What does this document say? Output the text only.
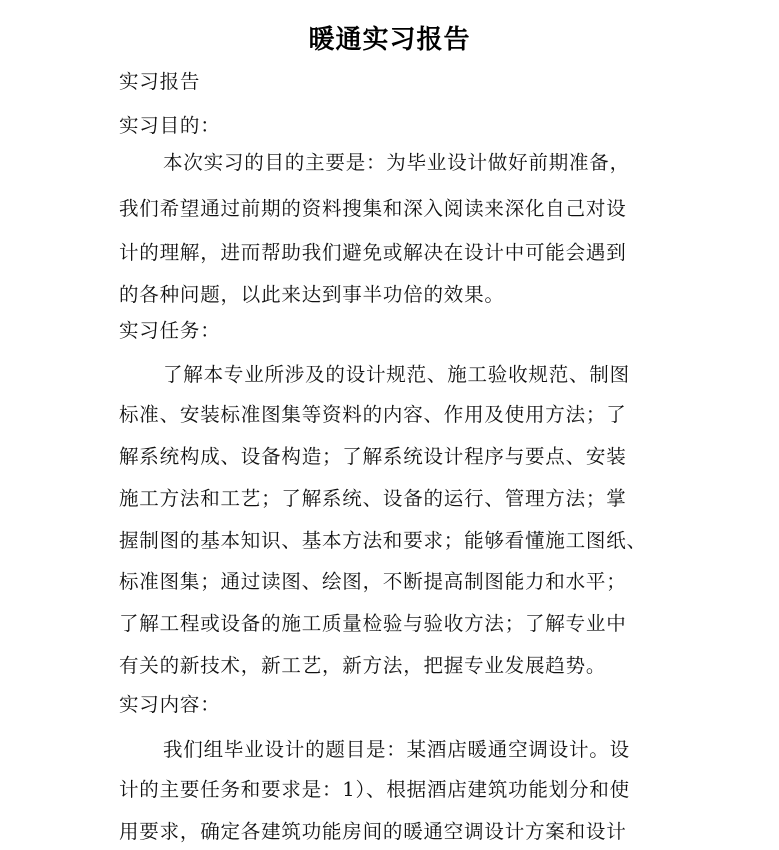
暖通实习报告
实习报告
实习目的：
本次实习的目的主要是：为毕业设计做好前期准备，
我们希望通过前期的资料搜集和深入阅读来深化自己对设
计的理解，进而帮助我们避免或解决在设计中可能会遇到
的各种问题，以此来达到事半功倍的效果。
实习任务：
了解本专业所涉及的设计规范、施工验收规范、制图
标准、安装标准图集等资料的内容、作用及使用方法；了
解系统构成、设备构造；了解系统设计程序与要点、安装
施工方法和工艺；了解系统、设备的运行、管理方法；掌
握制图的基本知识、基本方法和要求；能够看懂施工图纸、
标准图集；通过读图、绘图，不断提高制图能力和水平；
了解工程或设备的施工质量检验与验收方法；了解专业中
有关的新技术，新工艺，新方法，把握专业发展趋势。
实习内容：
我们组毕业设计的题目是：某酒店暖通空调设计。设
计的主要任务和要求是：1）、根据酒店建筑功能划分和使
用要求，确定各建筑功能房间的暖通空调设计方案和设计
